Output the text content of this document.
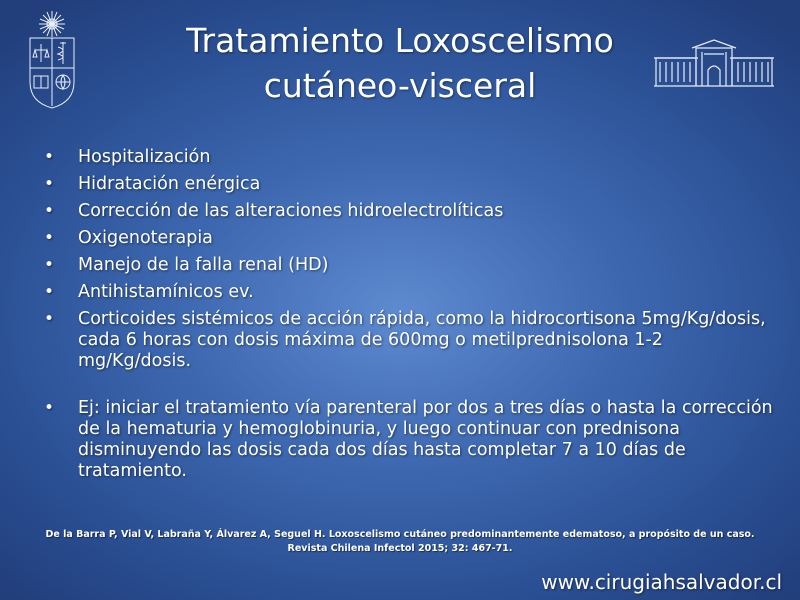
Tratamiento Loxoscelismo
cutáneo-visceral
• Hospitalización
• Hidratación enérgica
• Corrección de las alteraciones hidroelectrolíticas
• Oxigenoterapia
• Manejo de la falla renal (HD)
• Antihistamínicos ev.
• Corticoides sistémicos de acción rápida, como la hidrocortisona 5mg/Kg/dosis, cada 6 horas con dosis máxima de 600mg o metilprednisolona 1-2 mg/Kg/dosis.
• Ej: iniciar el tratamiento vía parenteral por dos a tres días o hasta la corrección de la hematuria y hemoglobinuria, y luego continuar con prednisona disminuyendo las dosis cada dos días hasta completar 7 a 10 días de tratamiento.
De la Barra P, Vial V, Labraña Y, Álvarez A, Seguel H. Loxoscelismo cutáneo predominantemente edematoso, a propósito de un caso.
Revista Chilena Infectol 2015; 32: 467-71.
www.cirugiahsalvador.cl
